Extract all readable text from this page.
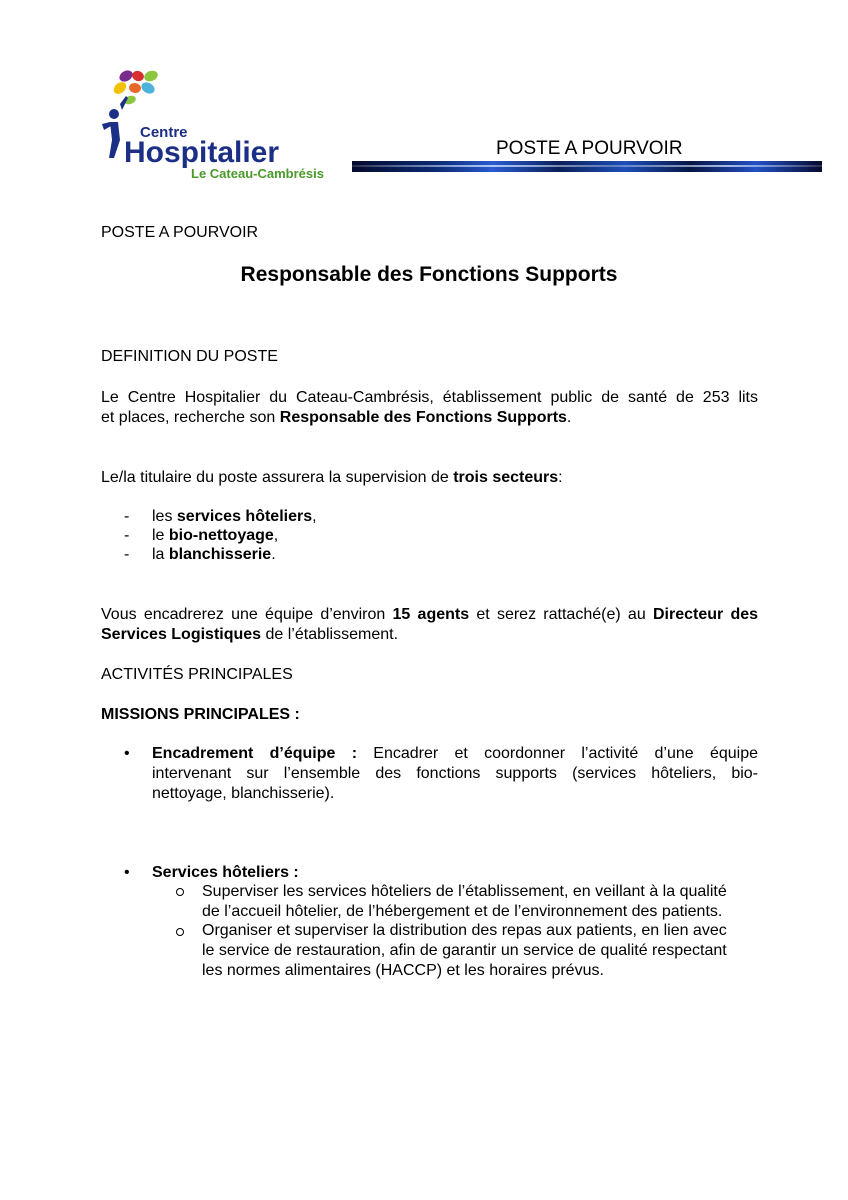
Centre
Hospitalier
Le Cateau-Cambrésis
POSTE A POURVOIR
POSTE A POURVOIR
Responsable des Fonctions Supports
DEFINITION DU POSTE
Le Centre Hospitalier du Cateau-Cambrésis, établissement public de santé de 253 lits
et places, recherche son Responsable des Fonctions Supports.
Le/la titulaire du poste assurera la supervision de trois secteurs:
- les services hôteliers,
- le bio-nettoyage,
- la blanchisserie.
Vous encadrerez une équipe d’environ 15 agents et serez rattaché(e) au Directeur des
Services Logistiques de l’établissement.
ACTIVITÉS PRINCIPALES
MISSIONS PRINCIPALES :
• Encadrement d’équipe : Encadrer et coordonner l’activité d’une équipe
intervenant sur l’ensemble des fonctions supports (services hôteliers, bio-
nettoyage, blanchisserie).
• Services hôteliers :
Superviser les services hôteliers de l’établissement, en veillant à la qualité
de l’accueil hôtelier, de l’hébergement et de l’environnement des patients.
Organiser et superviser la distribution des repas aux patients, en lien avec
le service de restauration, afin de garantir un service de qualité respectant
les normes alimentaires (HACCP) et les horaires prévus.
